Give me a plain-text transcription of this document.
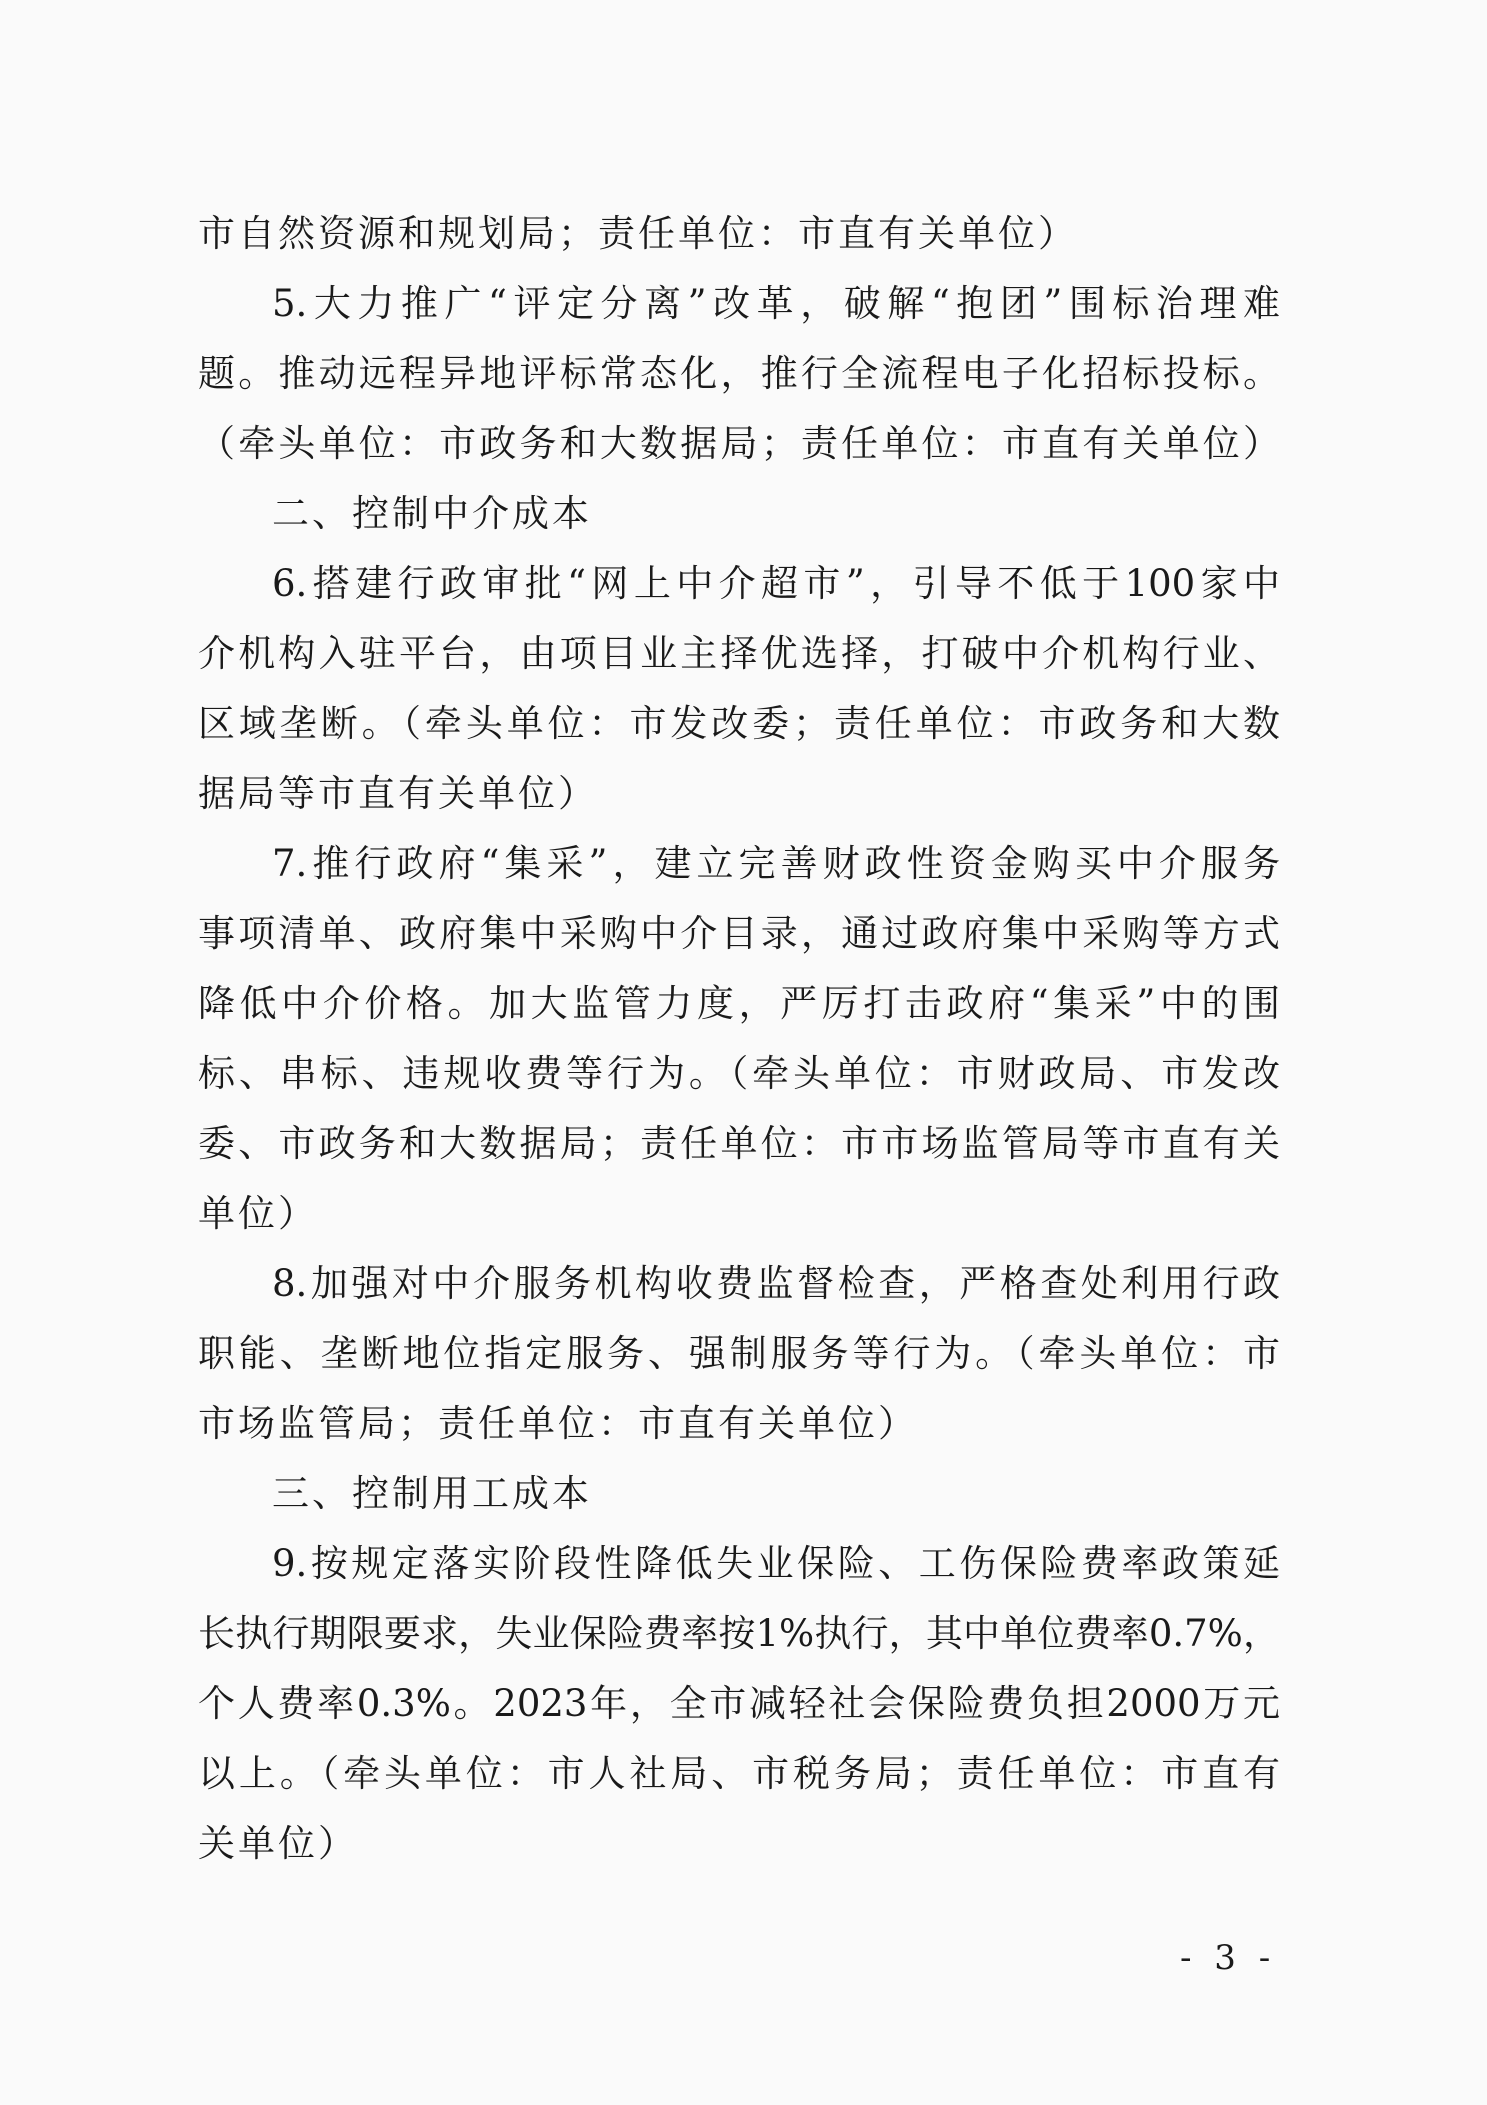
市自然资源和规划局；责任单位：市直有关单位）
5.大力推广“评定分离”改革，破解“抱团”围标治理难
题。推动远程异地评标常态化，推行全流程电子化招标投标。
（牵头单位：市政务和大数据局；责任单位：市直有关单位）
二、控制中介成本
6.搭建行政审批“网上中介超市”，引导不低于100家中
介机构入驻平台，由项目业主择优选择，打破中介机构行业、
区域垄断。（牵头单位：市发改委；责任单位：市政务和大数
据局等市直有关单位）
7.推行政府“集采”，建立完善财政性资金购买中介服务
事项清单、政府集中采购中介目录，通过政府集中采购等方式
降低中介价格。加大监管力度，严厉打击政府“集采”中的围
标、串标、违规收费等行为。（牵头单位：市财政局、市发改
委、市政务和大数据局；责任单位：市市场监管局等市直有关
单位）
8.加强对中介服务机构收费监督检查，严格查处利用行政
职能、垄断地位指定服务、强制服务等行为。（牵头单位：市
市场监管局；责任单位：市直有关单位）
三、控制用工成本
9.按规定落实阶段性降低失业保险、工伤保险费率政策延
长执行期限要求，失业保险费率按1%执行，其中单位费率0.7%，
个人费率0.3%。2023年，全市减轻社会保险费负担2000万元
以上。（牵头单位：市人社局、市税务局；责任单位：市直有
关单位）
- 3 -
